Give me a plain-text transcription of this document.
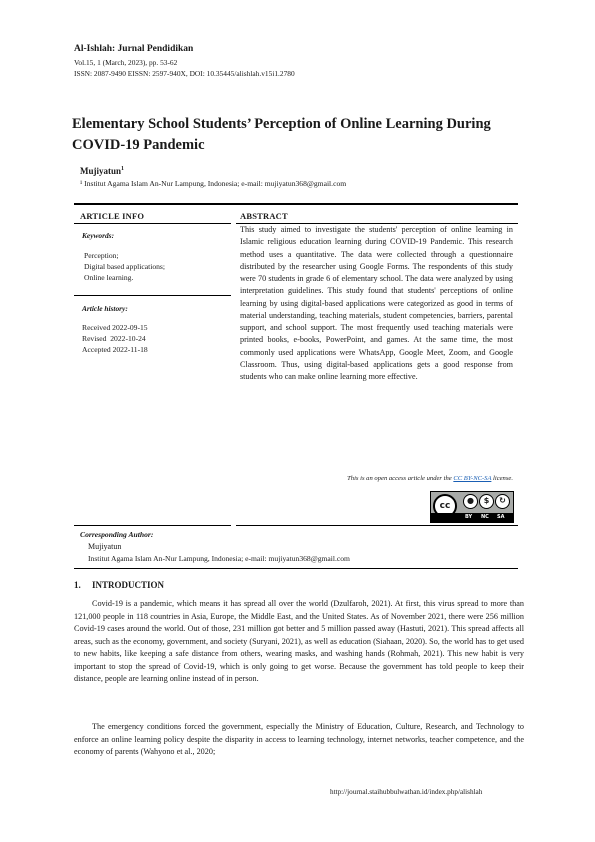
Al-Ishlah: Jurnal Pendidikan
Vol.15, 1 (March, 2023), pp. 53-62
ISSN: 2087-9490 EISSN: 2597-940X, DOI: 10.35445/alishlah.v15i1.2780
Elementary School Students’ Perception of Online Learning During COVID-19 Pandemic
Mujiyatun$^1$
¹ Institut Agama Islam An-Nur Lampung, Indonesia; e-mail: mujiyatun368@gmail.com
ARTICLE INFO
Keywords:
Perception;
Digital based applications;
Online learning.
Article history:
Received 2022-09-15
Revised  2022-10-24
Accepted 2022-11-18
ABSTRACT
This study aimed to investigate the students' perception of online learning in Islamic religious education learning during COVID-19 Pandemic. This research method uses a quantitative. The data were collected through a questionnaire distributed by the researcher using Google Forms. The respondents of this study were 70 students in grade 6 of elementary school. The data were analyzed by using interpretation guidelines. This study found that students' perceptions of online learning by using digital-based applications were categorized as good in terms of material understanding, teaching materials, student competencies, barriers, parental support, and school support. The most frequently used teaching materials were printed books, e-books, PowerPoint, and games. At the same time, the most commonly used applications were WhatsApp, Google Meet, Zoom, and Google Classroom. Thus, using digital-based applications gets a good response from students who can make online learning more effective.
This is an open access article under the CC BY-NC-SA license.
cc
●	$	↻
BY NC SA
Corresponding Author:
Mujiyatun
Institut Agama Islam An-Nur Lampung, Indonesia; e-mail: mujiyatun368@gmail.com
1. INTRODUCTION
Covid-19 is a pandemic, which means it has spread all over the world (Dzulfaroh, 2021). At first, this virus spread to more than 121,000 people in 118 countries in Asia, Europe, the Middle East, and the United States. As of November 2021, there were 256 million Covid-19 cases around the world. Out of those, 231 million got better and 5 million passed away (Hastuti, 2021). This spread affects all areas, such as the economy, government, and society (Suryani, 2021), as well as education (Siahaan, 2020). So, the world has to get used to new habits, like keeping a safe distance from others, wearing masks, and washing hands (Rohmah, 2021). This new habit is very important to stop the spread of Covid-19, which is only going to get worse. Because the government has told people to keep their distance, people are learning online instead of in person.
The emergency conditions forced the government, especially the Ministry of Education, Culture, Research, and Technology to enforce an online learning policy despite the disparity in access to learning technology, internet networks, teacher competence, and the economy of parents (Wahyono et al., 2020;
http://journal.staihubbulwathan.id/index.php/alishlah
